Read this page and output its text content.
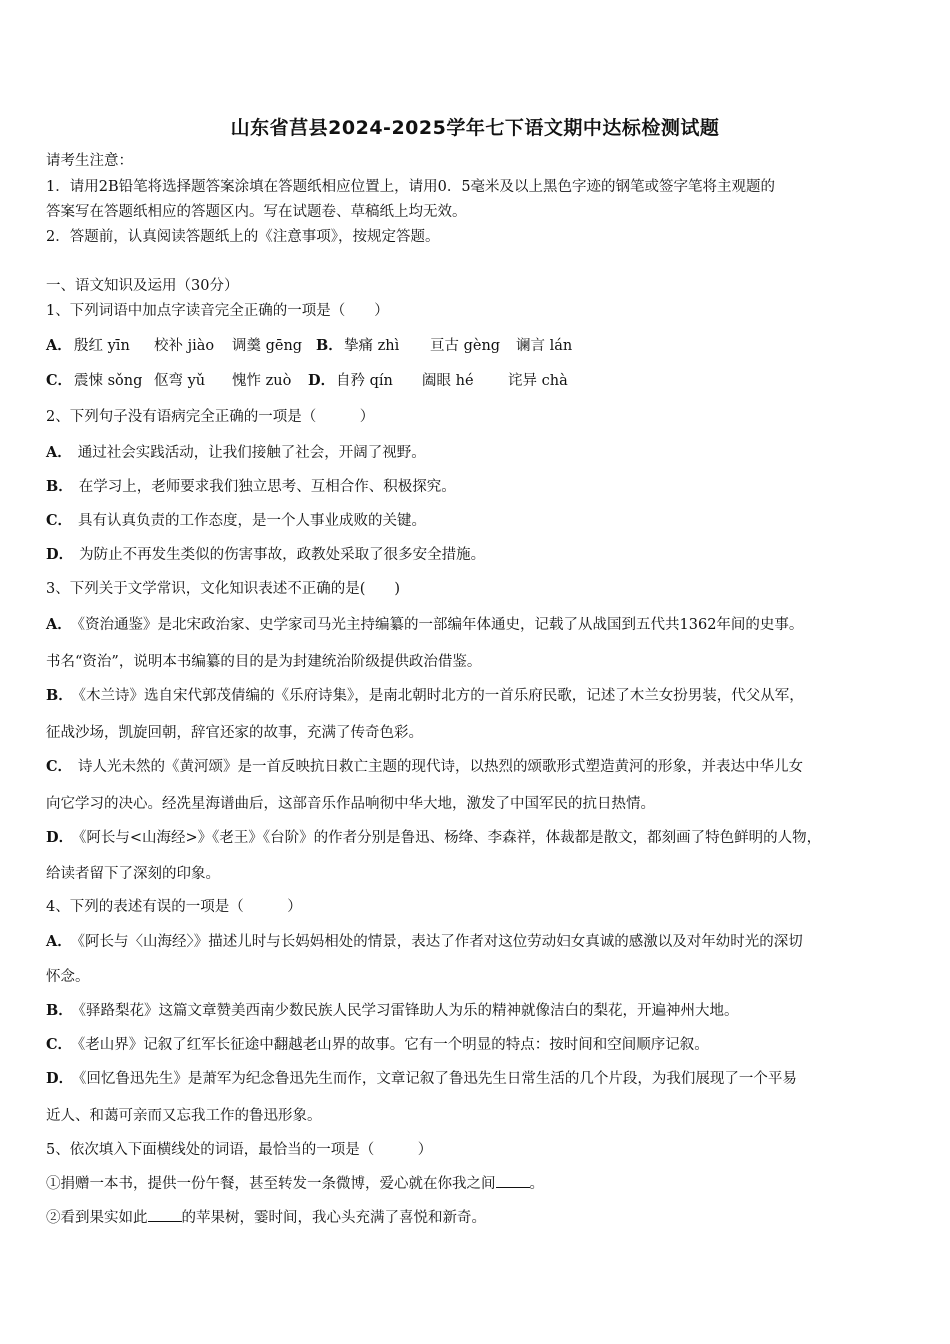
山东省莒县2024-2025学年七下语文期中达标检测试题
请考生注意：
1．请用2B铅笔将选择题答案涂填在答题纸相应位置上，请用0．5毫米及以上黑色字迹的钢笔或签字笔将主观题的
答案写在答题纸相应的答题区内。写在试题卷、草稿纸上均无效。
2．答题前，认真阅读答题纸上的《注意事项》，按规定答题。
一、语文知识及运用（30分）
1、下列词语中加点字读音完全正确的一项是（　　）
A． 殷红 yīn 校补 jiào 调羹 gēng B．挚痛 zhì 亘古 gèng 谰言 lán
C． 震悚 sǒng 伛弯 yǔ 愧怍 zuò D．自矜 qín 阖眼 hé 诧异 chà
2、下列句子没有语病完全正确的一项是（　　　）
A． 通过社会实践活动，让我们接触了社会，开阔了视野。
B． 在学习上，老师要求我们独立思考、互相合作、积极探究。
C． 具有认真负责的工作态度，是一个人事业成败的关键。
D． 为防止不再发生类似的伤害事故，政教处采取了很多安全措施。
3、下列关于文学常识，文化知识表述不正确的是(　　)
A． 《资治通鉴》是北宋政治家、史学家司马光主持编纂的一部编年体通史，记载了从战国到五代共1362年间的史事。
书名“资治”，说明本书编纂的目的是为封建统治阶级提供政治借鉴。
B． 《木兰诗》选自宋代郭茂倩编的《乐府诗集》，是南北朝时北方的一首乐府民歌，记述了木兰女扮男装，代父从军，
征战沙场，凯旋回朝，辞官还家的故事，充满了传奇色彩。
C． 诗人光未然的《黄河颂》是一首反映抗日救亡主题的现代诗，以热烈的颂歌形式塑造黄河的形象，并表达中华儿女
向它学习的决心。经冼星海谱曲后，这部音乐作品响彻中华大地，激发了中国军民的抗日热情。
D． 《阿长与<山海经>》《老王》《台阶》的作者分别是鲁迅、杨绛、李森祥，体裁都是散文，都刻画了特色鲜明的人物，
给读者留下了深刻的印象。
4、下列的表述有误的一项是（　　　）
A． 《阿长与〈山海经〉》描述儿时与长妈妈相处的情景，表达了作者对这位劳动妇女真诚的感激以及对年幼时光的深切
怀念。
B． 《驿路梨花》这篇文章赞美西南少数民族人民学习雷锋助人为乐的精神就像洁白的梨花，开遍神州大地。
C． 《老山界》记叙了红军长征途中翻越老山界的故事。它有一个明显的特点：按时间和空间顺序记叙。
D． 《回忆鲁迅先生》是萧军为纪念鲁迅先生而作，文章记叙了鲁迅先生日常生活的几个片段，为我们展现了一个平易
近人、和蔼可亲而又忘我工作的鲁迅形象。
5、依次填入下面横线处的词语，最恰当的一项是（　　　）
①捐赠一本书，提供一份午餐，甚至转发一条微博，爱心就在你我之间 。
②看到果实如此 的苹果树，霎时间，我心头充满了喜悦和新奇。
